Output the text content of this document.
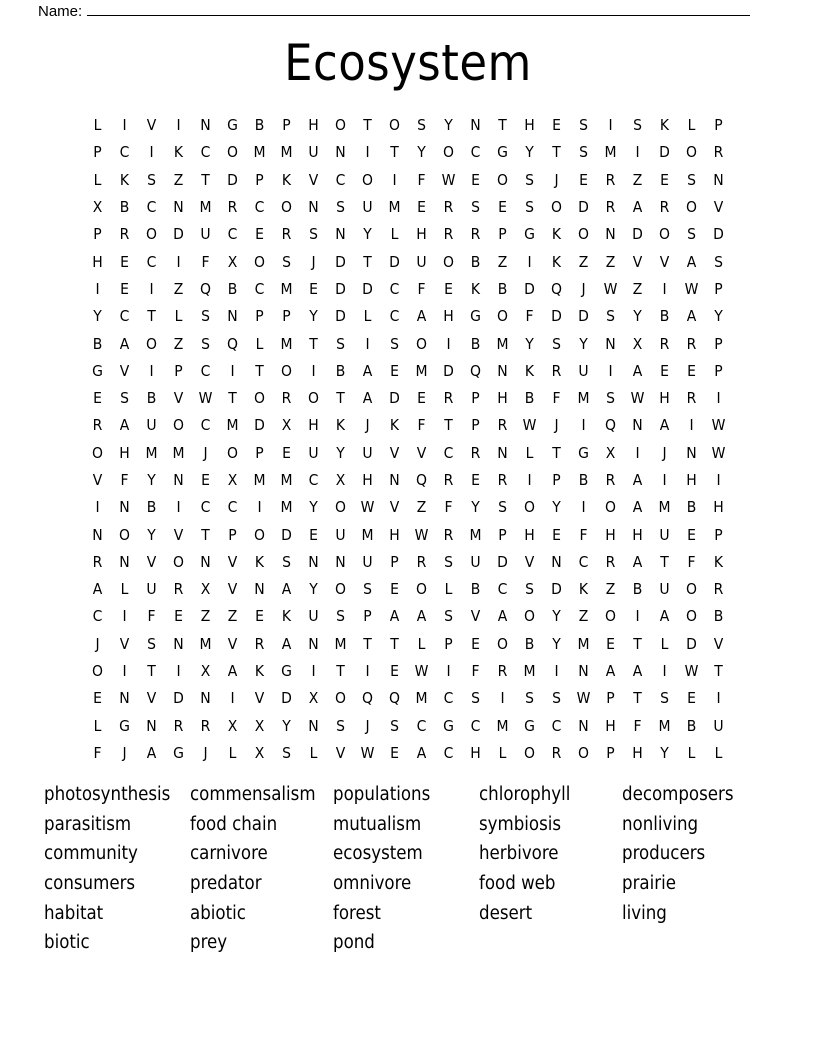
Name:
Ecosystem
L	I	V	I	N	G	B	P	H	O	T	O	S	Y	N	T	H	E	S	I	S	K	L	P
P	C	I	K	C	O M M	U	N	I	T	Y	O	C	G	Y	T	S	M	I	D	O	R
L	K	S	Z	T	D	P	K	V	C	O	I	F	W	E	O	S	J	E	R	Z	E	S	N
X	B	C	N	M	R	C	O	N	S	U	M	E	R	S	E	S	O	D	R	A	R	O	V
P	R	O	D	U	C	E	R	S	N	Y	L	H	R	R	P	G	K	O	N	D	O	S	D
H	E	C	I	F	X	O	S	J	D	T	D	U	O	B	Z	I	K	Z	Z	V	V	A	S
I	E	I	Z	Q	B	C	M	E	D	D	C	F	E	K	B	D	Q	J	W Z	I	W	P
Y	C	T	L	S	N	P	P	Y	D	L	C	A	H	G	O	F	D	D	S	Y	B	A	Y
B	A	O	Z	S	Q	L	M	T	S	I	S	O	I	B	M	Y	S	Y	N	X	R	R	P
G	V	I	P	C	I	T	O	I	B	A	E	M	D	Q	N	K	R	U	I	A	E	E	P
E	S	B	V W	T	O	R	O	T	A	D	E	R	P	H	B	F	M	S	W H	R	I
R	A	U	O	C	M	D	X	H	K	J	K	F	T	P	R W	J	I	Q	N	A	I	W
O	H	M M	J	O	P	E	U	Y	U	V	V	C	R	N	L	T	G	X	I	J	N W
V	F	Y	N	E	X	M M	C	X	H	N	Q	R	E	R	I	P	B	R	A	I	H	I
I	N	B	I	C	C	I	M	Y	O W V	Z	F	Y	S	O	Y	I	O	A	M	B	H
N	O	Y	V	T	P	O	D	E	U	M	H W R	M	P	H	E	F	H	H	U	E	P
R	N	V	O	N	V	K	S	N	N	U	P	R	S	U	D	V	N	C	R	A	T	F	K
A	L	U	R	X	V	N	A	Y	O	S	E	O	L	B	C	S	D	K	Z	B	U	O	R
C	I	F	E	Z	Z	E	K	U	S	P	A	A	S	V	A	O	Y	Z	O	I	A	O	B
J	V	S	N	M	V	R	A	N	M	T	T	L	P	E	O	B	Y	M	E	T	L	D	V
O	I	T	I	X	A	K	G	I	T	I	E	W	I	F	R	M	I	N	A	A	I	W	T
E	N	V	D	N	I	V	D	X	O	Q	Q M	C	S	I	S	S	W	P	T	S	E	I
L	G	N	R	R	X	X	Y	N	S	J	S	C	G	C	M	G	C	N	H	F	M	B	U
F	J	A	G	J	L	X	S	L	V W	E	A	C	H	L	O	R	O	P	H	Y	L	L
photosynthesis
parasitism
community
consumers
habitat
biotic
commensalism
food chain
carnivore
predator
abiotic
prey
populations
mutualism
ecosystem
omnivore
forest
pond
chlorophyll
symbiosis
herbivore
food web
desert
decomposers
nonliving
producers
prairie
living
